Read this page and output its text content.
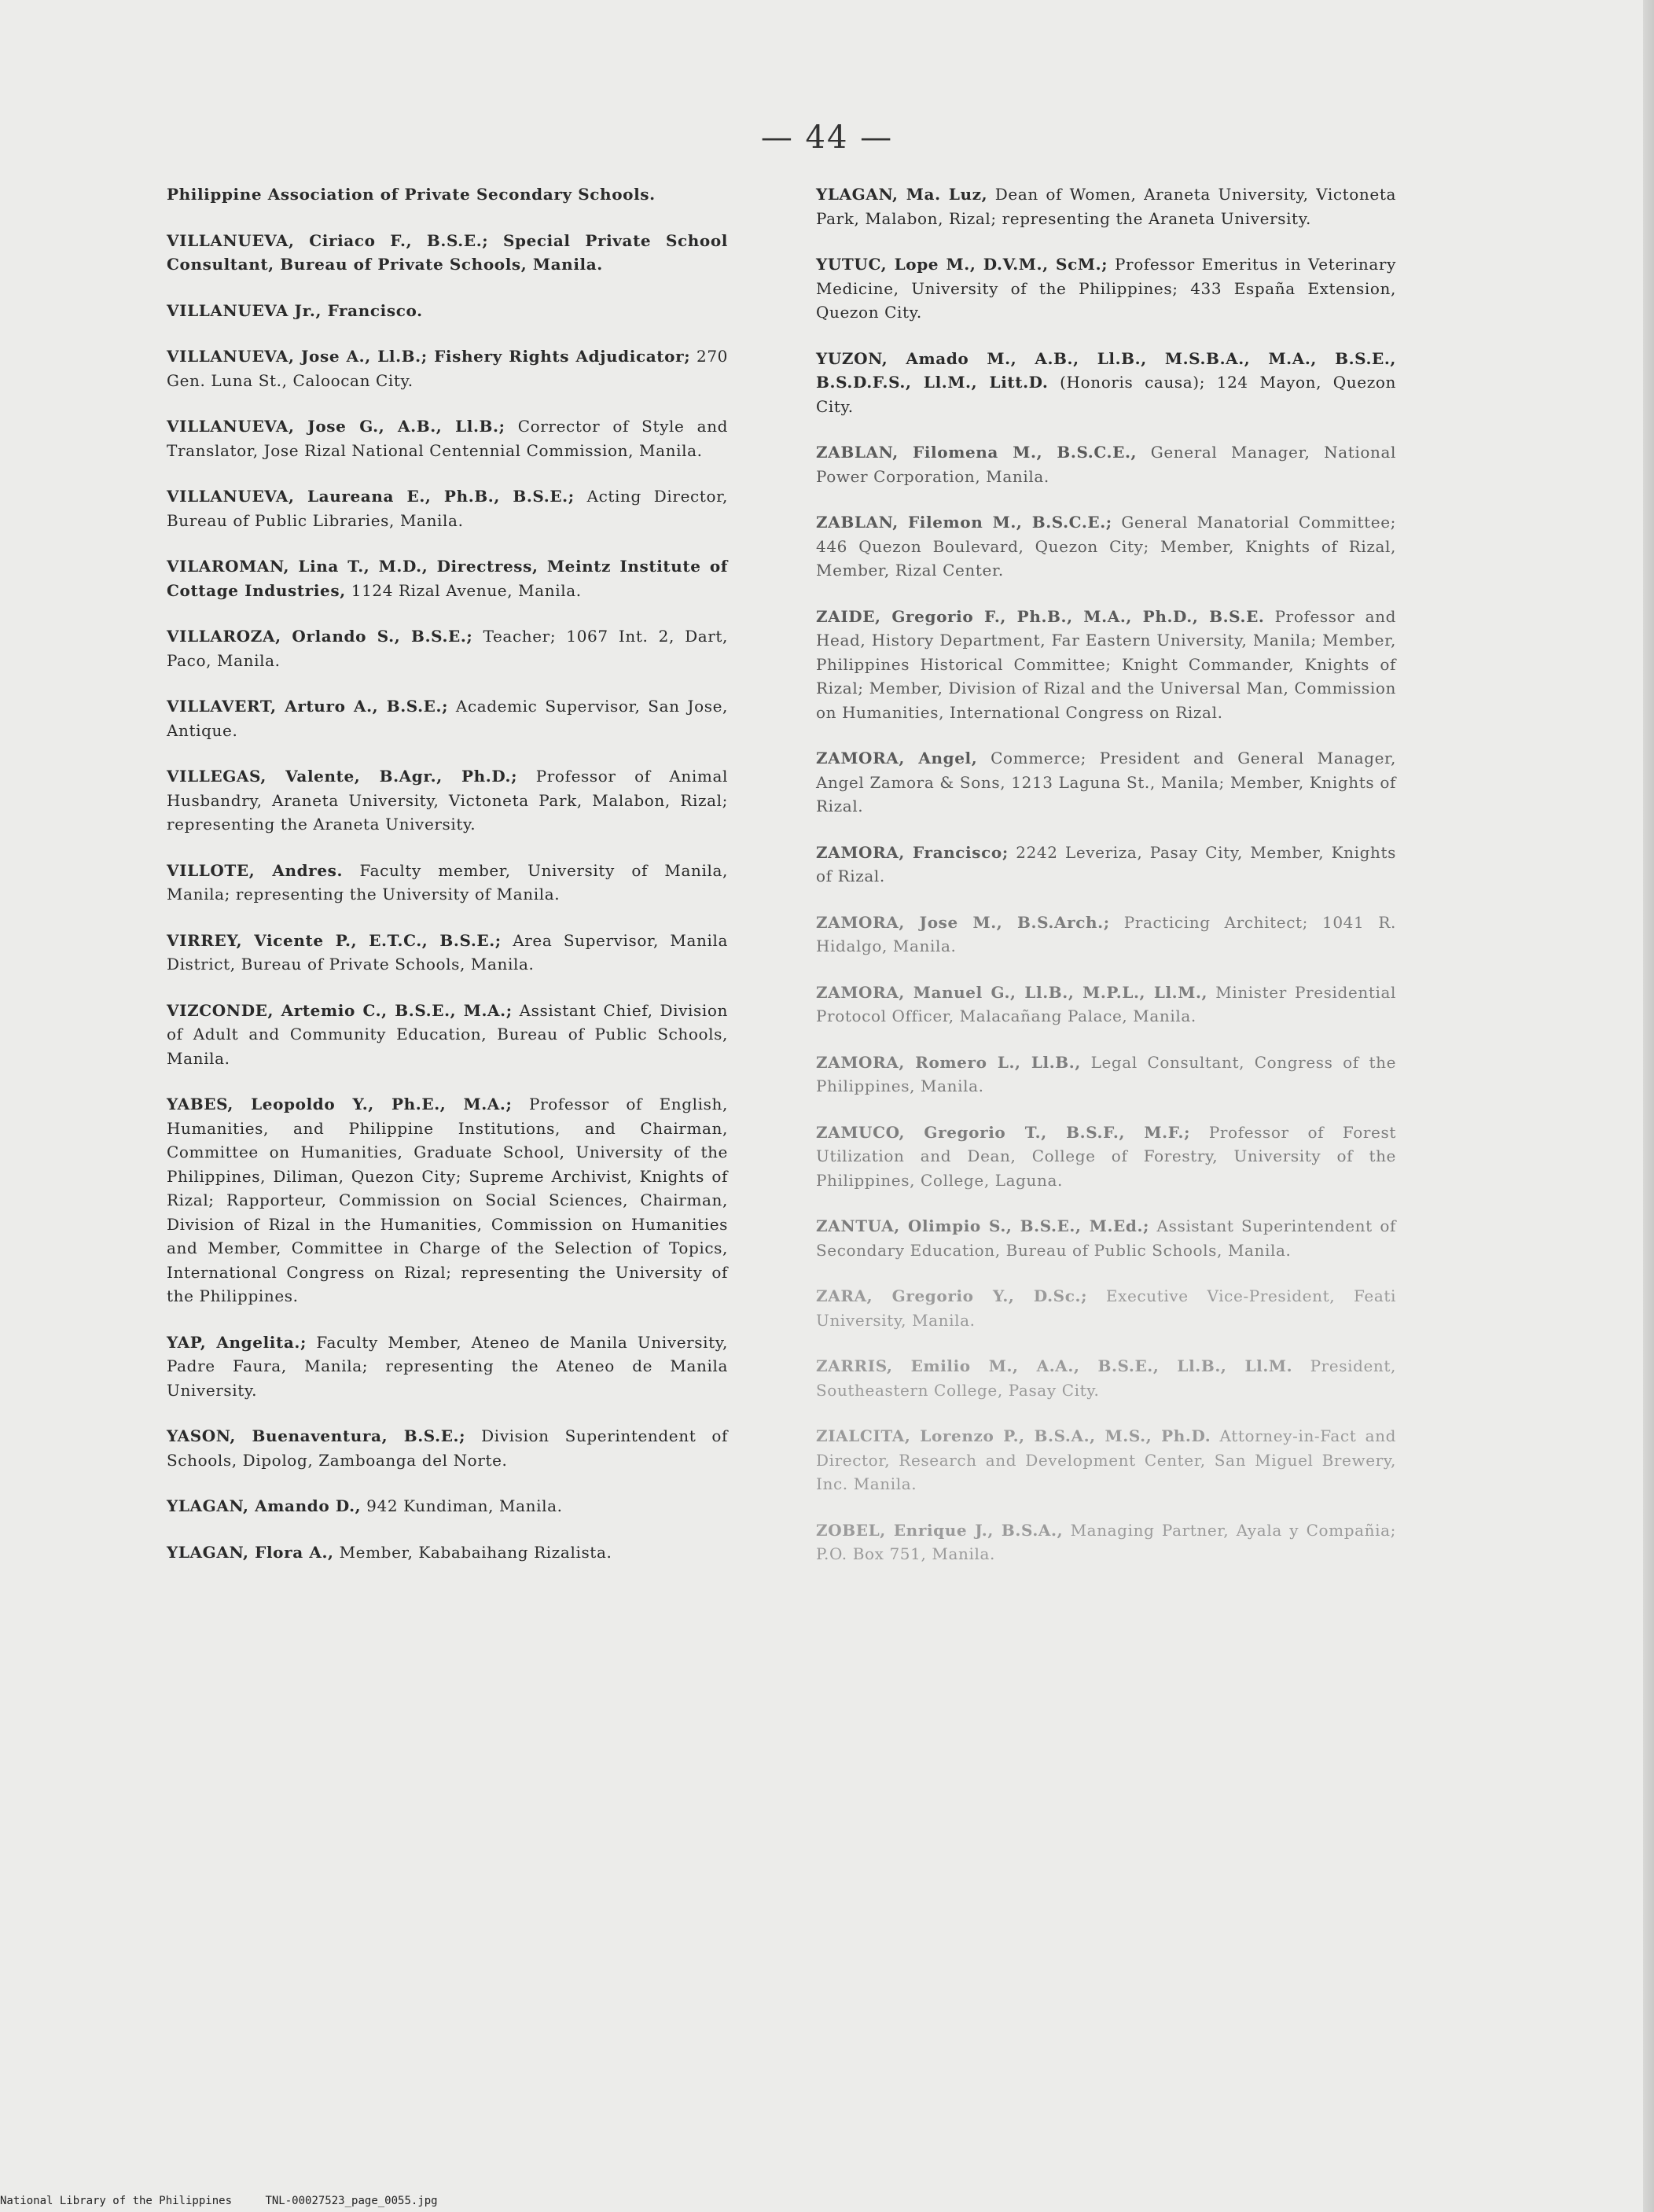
— 44 —

Philippine Association of Private Secondary Schools.

VILLANUEVA, Ciriaco F., B.S.E.; Special Private School Consultant, Bureau of Private Schools, Manila.

VILLANUEVA Jr., Francisco.

VILLANUEVA, Jose A., Ll.B.; Fishery Rights Adjudicator; 270 Gen. Luna St., Caloocan City.

VILLANUEVA, Jose G., A.B., Ll.B.; Corrector of Style and Translator, Jose Rizal National Centennial Commission, Manila.

VILLANUEVA, Laureana E., Ph.B., B.S.E.; Acting Director, Bureau of Public Libraries, Manila.

VILAROMAN, Lina T., M.D., Directress, Meintz Institute of Cottage Industries, 1124 Rizal Avenue, Manila.

VILLAROZA, Orlando S., B.S.E.; Teacher; 1067 Int. 2, Dart, Paco, Manila.

VILLAVERT, Arturo A., B.S.E.; Academic Supervisor, San Jose, Antique.

VILLEGAS, Valente, B.Agr., Ph.D.; Professor of Animal Husbandry, Araneta University, Victoneta Park, Malabon, Rizal; representing the Araneta University.

VILLOTE, Andres. Faculty member, University of Manila, Manila; representing the University of Manila.

VIRREY, Vicente P., E.T.C., B.S.E.; Area Supervisor, Manila District, Bureau of Private Schools, Manila.

VIZCONDE, Artemio C., B.S.E., M.A.; Assistant Chief, Division of Adult and Community Education, Bureau of Public Schools, Manila.

YABES, Leopoldo Y., Ph.E., M.A.; Professor of English, Humanities, and Philippine Institutions, and Chairman, Committee on Humanities, Graduate School, University of the Philippines, Diliman, Quezon City; Supreme Archivist, Knights of Rizal; Rapporteur, Commission on Social Sciences, Chairman, Division of Rizal in the Humanities, Commission on Humanities and Member, Committee in Charge of the Selection of Topics, International Congress on Rizal; representing the University of the Philippines.

YAP, Angelita.; Faculty Member, Ateneo de Manila University, Padre Faura, Manila; representing the Ateneo de Manila University.

YASON, Buenaventura, B.S.E.; Division Superintendent of Schools, Dipolog, Zamboanga del Norte.

YLAGAN, Amando D., 942 Kundiman, Manila.

YLAGAN, Flora A., Member, Kababaihang Rizalista.

YLAGAN, Ma. Luz, Dean of Women, Araneta University, Victoneta Park, Malabon, Rizal; representing the Araneta University.

YUTUC, Lope M., D.V.M., ScM.; Professor Emeritus in Veterinary Medicine, University of the Philippines; 433 España Extension, Quezon City.

YUZON, Amado M., A.B., Ll.B., M.S.B.A., M.A., B.S.E., B.S.D.F.S., Ll.M., Litt.D. (Honoris causa); 124 Mayon, Quezon City.

ZABLAN, Filomena M., B.S.C.E., General Manager, National Power Corporation, Manila.

ZABLAN, Filemon M., B.S.C.E.; General Manatorial Committee; 446 Quezon Boulevard, Quezon City; Member, Knights of Rizal, Member, Rizal Center.

ZAIDE, Gregorio F., Ph.B., M.A., Ph.D., B.S.E. Professor and Head, History Department, Far Eastern University, Manila; Member, Philippines Historical Committee; Knight Commander, Knights of Rizal; Member, Division of Rizal and the Universal Man, Commission on Humanities, International Congress on Rizal.

ZAMORA, Angel, Commerce; President and General Manager, Angel Zamora & Sons, 1213 Laguna St., Manila; Member, Knights of Rizal.

ZAMORA, Francisco; 2242 Leveriza, Pasay City, Member, Knights of Rizal.

ZAMORA, Jose M., B.S.Arch.; Practicing Architect; 1041 R. Hidalgo, Manila.

ZAMORA, Manuel G., Ll.B., M.P.L., Ll.M., Minister Presidential Protocol Officer, Malacañang Palace, Manila.

ZAMORA, Romero L., Ll.B., Legal Consultant, Congress of the Philippines, Manila.

ZAMUCO, Gregorio T., B.S.F., M.F.; Professor of Forest Utilization and Dean, College of Forestry, University of the Philippines, College, Laguna.

ZANTUA, Olimpio S., B.S.E., M.Ed.; Assistant Superintendent of Secondary Education, Bureau of Public Schools, Manila.

ZARA, Gregorio Y., D.Sc.; Executive Vice-President, Feati University, Manila.

ZARRIS, Emilio M., A.A., B.S.E., Ll.B., Ll.M. President, Southeastern College, Pasay City.

ZIALCITA, Lorenzo P., B.S.A., M.S., Ph.D. Attorney-in-Fact and Director, Research and Development Center, San Miguel Brewery, Inc. Manila.

ZOBEL, Enrique J., B.S.A., Managing Partner, Ayala y Compañia; P.O. Box 751, Manila.

National Library of the Philippines	TNL-00027523_page_0055.jpg
